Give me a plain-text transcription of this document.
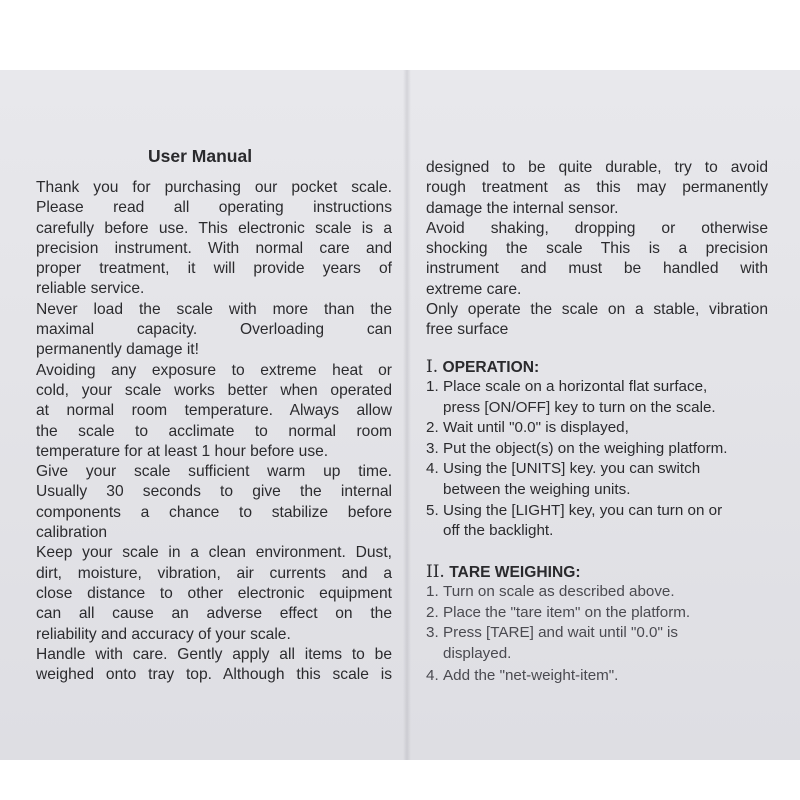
User Manual

Thank you for purchasing our pocket scale.

Please read all operating instructions

carefully before use. This electronic scale is a

precision instrument. With normal care and

proper treatment, it will provide years of

reliable service.

Never load the scale with more than the

maximal capacity. Overloading can

permanently damage it!

Avoiding any exposure to extreme heat or

cold, your scale works better when operated

at normal room temperature. Always allow

the scale to acclimate to normal room

temperature for at least 1 hour before use.

Give your scale sufficient warm up time.

Usually 30 seconds to give the internal

components a chance to stabilize before

calibration

Keep your scale in a clean environment. Dust,

dirt, moisture, vibration, air currents and a

close distance to other electronic equipment

can all cause an adverse effect on the

reliability and accuracy of your scale.

Handle with care. Gently apply all items to be

weighed onto tray top. Although this scale is

designed to be quite durable, try to avoid

rough treatment as this may permanently

damage the internal sensor.

Avoid shaking, dropping or otherwise

shocking the scale This is a precision

instrument and must be handled with

extreme care.

Only operate the scale on a stable, vibration

free surface

I. OPERATION:
1. Place scale on a horizontal flat surface,
press [ON/OFF] key to turn on the scale.
2. Wait until "0.0" is displayed,
3. Put the object(s) on the weighing platform.
4. Using the [UNITS] key. you can switch
between the weighing units.
5. Using the [LIGHT] key, you can turn on or
off the backlight.
II. TARE WEIGHING:
1. Turn on scale as described above.
2. Place the "tare item" on the platform.
3. Press [TARE] and wait until "0.0" is
displayed.
4. Add the "net-weight-item".
